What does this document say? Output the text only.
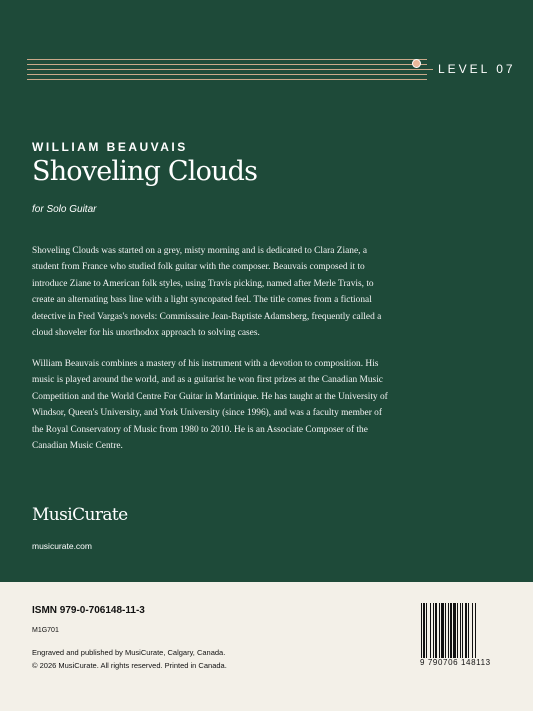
LEVEL 07
WILLIAM BEAUVAIS
Shoveling Clouds
for Solo Guitar

Shoveling Clouds was started on a grey, misty morning and is dedicated to Clara Ziane, a student from France who studied folk guitar with the composer. Beauvais composed it to introduce Ziane to American folk styles, using Travis picking, named after Merle Travis, to create an alternating bass line with a light syncopated feel. The title comes from a fictional detective in Fred Vargas's novels: Commissaire Jean-Baptiste Adamsberg, frequently called a cloud shoveler for his unorthodox approach to solving cases.

William Beauvais combines a mastery of his instrument with a devotion to composition. His music is played around the world, and as a guitarist he won first prizes at the Canadian Music Competition and the World Centre For Guitar in Martinique. He has taught at the University of Windsor, Queen's University, and York University (since 1996), and was a faculty member of the Royal Conservatory of Music from 1980 to 2010. He is an Associate Composer of the Canadian Music Centre.

MusiCurate
musicurate.com
ISMN 979-0-706148-11-3
M1G701
Engraved and published by MusiCurate, Calgary, Canada.
© 2026 MusiCurate. All rights reserved. Printed in Canada.	9 790706 148113
